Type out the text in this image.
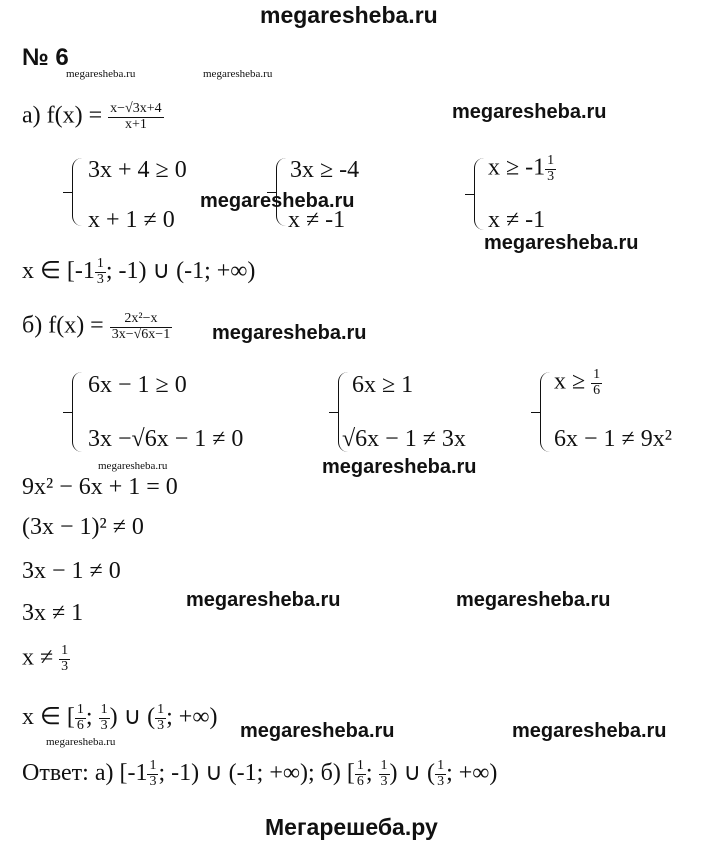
megaresheba.ru
№ 6
megaresheba.ru	megaresheba.ru
а) $f(x) = \frac{x-√3x+4}{x+1}$	megaresheba.ru
3x + 4 ≥ 0
x + 1 ≠ 0
3x ≥ -4
x ≠ -1
megaresheba.ru
$x \ge -1 \frac{1}{3}$
x ≠ -1
megaresheba.ru
x ∈ [$-1 \frac{1}{3}$ ; -1) ∪ (-1; +∞)
б) $f(x) = \frac{\text{2x²−x}}{3x-√6x-1}$ megaresheba.ru
6x − 1 ≥ 0
3x −√6x − 1 ≠ 0
6x ≥ 1
√6x − 1 ≠ 3x
$x \ge \frac{1}{6}$
6x − 1 ≠ 9x²
megaresheba.ru	megaresheba.ru
9x² − 6x + 1 = 0
(3x − 1)² ≠ 0
3x − 1 ≠ 0
3x ≠ 1	megaresheba.ru	megaresheba.ru
$x \ne \frac{1}{3}$
x ∈ [ $\frac{1}{6}$ ; $\frac{1}{3}$ ) ∪ ( $\frac{1}{3}$ ; +∞)
megaresheba.ru	megaresheba.ru
megaresheba.ru
Ответ: а) [$-1 \frac{1}{3}$ ; -1) ∪ (-1; +∞); б) [ $\frac{1}{6}$ ; $\frac{1}{3}$ ) ∪ ( $\frac{1}{3}$ ; +∞)
Мегарешеба.ру
